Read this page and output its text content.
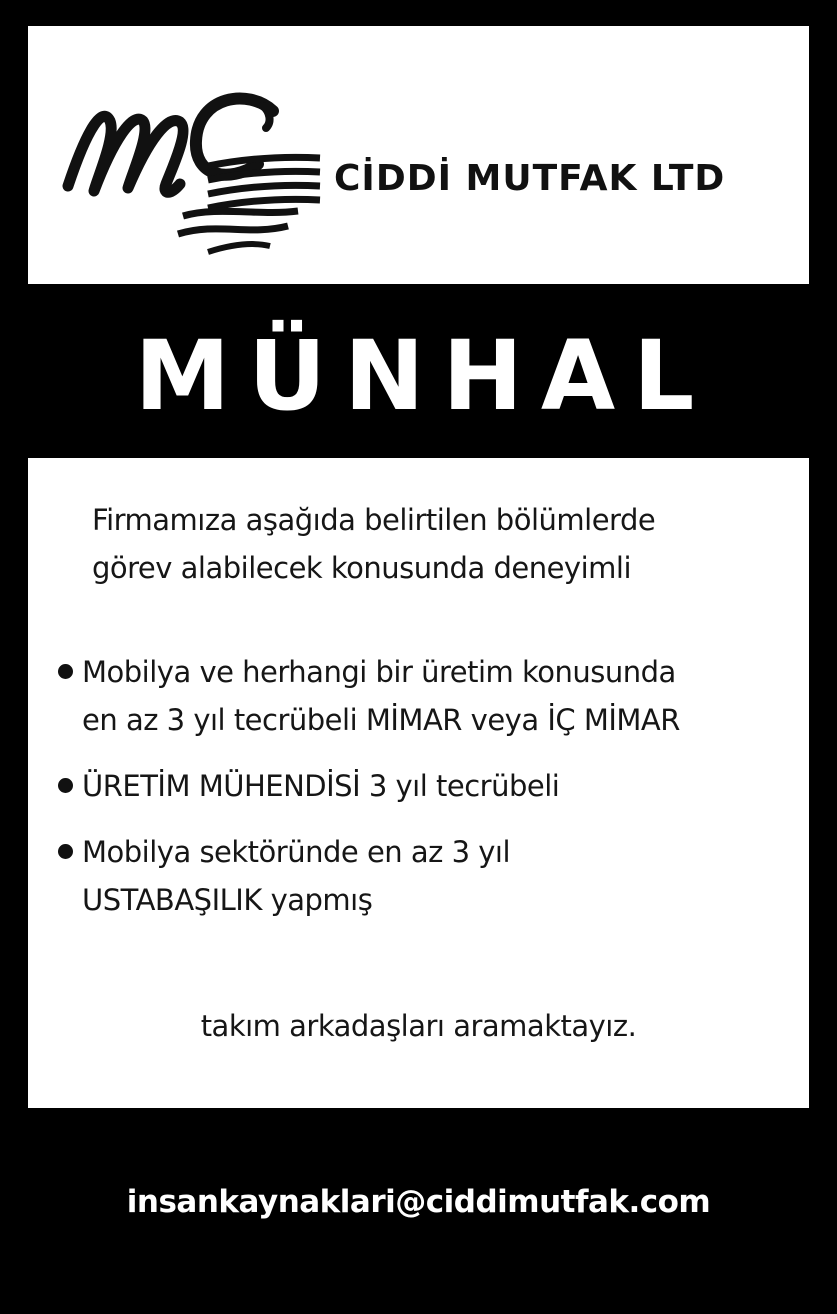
CİDDİ MUTFAK LTD
MÜNHAL
Firmamıza aşağıda belirtilen bölümlerde
görev alabilecek konusunda deneyimli
Mobilya ve herhangi bir üretim konusunda
en az 3 yıl tecrübeli MİMAR veya İÇ MİMAR
ÜRETİM MÜHENDİSİ 3 yıl tecrübeli
Mobilya sektöründe en az 3 yıl
USTABAŞILIK yapmış
takım arkadaşları aramaktayız.
insankaynaklari@ciddimutfak.com
